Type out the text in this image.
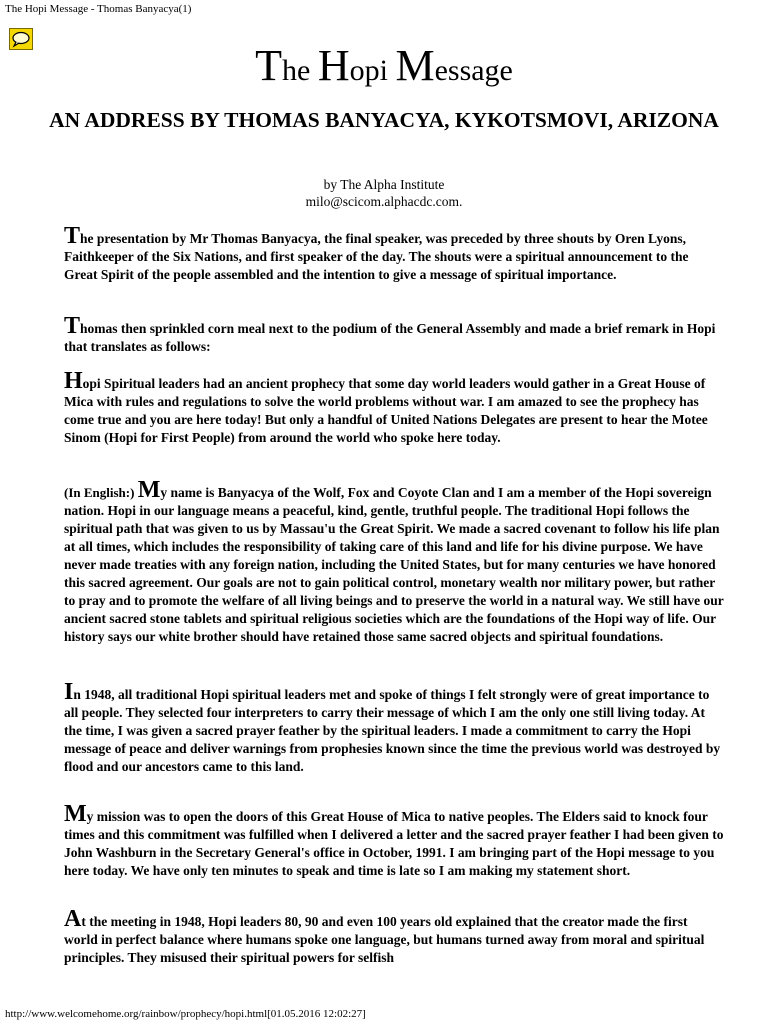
The Hopi Message - Thomas Banyacya(1)
The Hopi Message
AN ADDRESS BY THOMAS BANYACYA, KYKOTSMOVI, ARIZONA
by The Alpha Institute
milo@scicom.alphacdc.com.

The presentation by Mr Thomas Banyacya, the final speaker, was preceded by three shouts by Oren Lyons, Faithkeeper of the Six Nations, and first speaker of the day. The shouts were a spiritual announcement to the Great Spirit of the people assembled and the intention to give a message of spiritual importance.

Thomas then sprinkled corn meal next to the podium of the General Assembly and made a brief remark in Hopi that translates as follows:

Hopi Spiritual leaders had an ancient prophecy that some day world leaders would gather in a Great House of Mica with rules and regulations to solve the world problems without war. I am amazed to see the prophecy has come true and you are here today! But only a handful of United Nations Delegates are present to hear the Motee Sinom (Hopi for First People) from around the world who spoke here today.

(In English:) My name is Banyacya of the Wolf, Fox and Coyote Clan and I am a member of the Hopi sovereign nation. Hopi in our language means a peaceful, kind, gentle, truthful people. The traditional Hopi follows the spiritual path that was given to us by Massau'u the Great Spirit. We made a sacred covenant to follow his life plan at all times, which includes the responsibility of taking care of this land and life for his divine purpose. We have never made treaties with any foreign nation, including the United States, but for many centuries we have honored this sacred agreement. Our goals are not to gain political control, monetary wealth nor military power, but rather to pray and to promote the welfare of all living beings and to preserve the world in a natural way. We still have our ancient sacred stone tablets and spiritual religious societies which are the foundations of the Hopi way of life. Our history says our white brother should have retained those same sacred objects and spiritual foundations.

In 1948, all traditional Hopi spiritual leaders met and spoke of things I felt strongly were of great importance to all people. They selected four interpreters to carry their message of which I am the only one still living today. At the time, I was given a sacred prayer feather by the spiritual leaders. I made a commitment to carry the Hopi message of peace and deliver warnings from prophesies known since the time the previous world was destroyed by flood and our ancestors came to this land.

My mission was to open the doors of this Great House of Mica to native peoples. The Elders said to knock four times and this commitment was fulfilled when I delivered a letter and the sacred prayer feather I had been given to John Washburn in the Secretary General's office in October, 1991. I am bringing part of the Hopi message to you here today. We have only ten minutes to speak and time is late so I am making my statement short.

At the meeting in 1948, Hopi leaders 80, 90 and even 100 years old explained that the creator made the first world in perfect balance where humans spoke one language, but humans turned away from moral and spiritual principles. They misused their spiritual powers for selfish

http://www.welcomehome.org/rainbow/prophecy/hopi.html[01.05.2016 12:02:27]
